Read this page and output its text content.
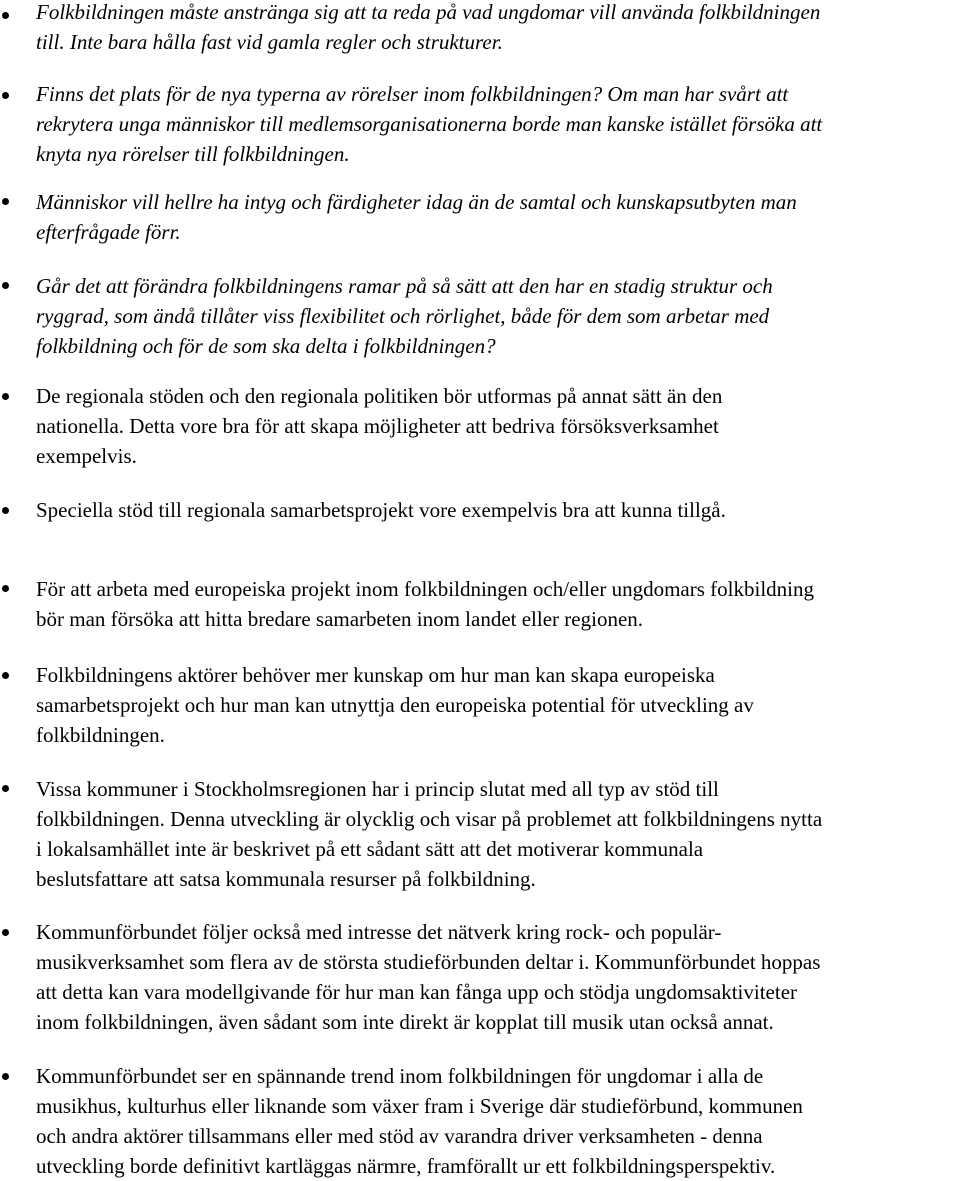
Folkbildningen måste anstränga sig att ta reda på vad ungdomar vill använda folkbildningen
till. Inte bara hålla fast vid gamla regler och strukturer.
Finns det plats för de nya typerna av rörelser inom folkbildningen? Om man har svårt att
rekrytera unga människor till medlemsorganisationerna borde man kanske istället försöka att
knyta nya rörelser till folkbildningen.
Människor vill hellre ha intyg och färdigheter idag än de samtal och kunskapsutbyten man
efterfrågade förr.
Går det att förändra folkbildningens ramar på så sätt att den har en stadig struktur och
ryggrad, som ändå tillåter viss flexibilitet och rörlighet, både för dem som arbetar med
folkbildning och för de som ska delta i folkbildningen?
De regionala stöden och den regionala politiken bör utformas på annat sätt än den
nationella. Detta vore bra för att skapa möjligheter att bedriva försöksverksamhet
exempelvis.
Speciella stöd till regionala samarbetsprojekt vore exempelvis bra att kunna tillgå.
För att arbeta med europeiska projekt inom folkbildningen och/eller ungdomars folkbildning
bör man försöka att hitta bredare samarbeten inom landet eller regionen.
Folkbildningens aktörer behöver mer kunskap om hur man kan skapa europeiska
samarbetsprojekt och hur man kan utnyttja den europeiska potential för utveckling av
folkbildningen.
Vissa kommuner i Stockholmsregionen har i princip slutat med all typ av stöd till
folkbildningen. Denna utveckling är olycklig och visar på problemet att folkbildningens nytta
i lokalsamhället inte är beskrivet på ett sådant sätt att det motiverar kommunala
beslutsfattare att satsa kommunala resurser på folkbildning.
Kommunförbundet följer också med intresse det nätverk kring rock- och populär-
musikverksamhet som flera av de största studieförbunden deltar i. Kommunförbundet hoppas
att detta kan vara modellgivande för hur man kan fånga upp och stödja ungdomsaktiviteter
inom folkbildningen, även sådant som inte direkt är kopplat till musik utan också annat.
Kommunförbundet ser en spännande trend inom folkbildningen för ungdomar i alla de
musikhus, kulturhus eller liknande som växer fram i Sverige där studieförbund, kommunen
och andra aktörer tillsammans eller med stöd av varandra driver verksamheten - denna
utveckling borde definitivt kartläggas närmre, framförallt ur ett folkbildningsperspektiv.
